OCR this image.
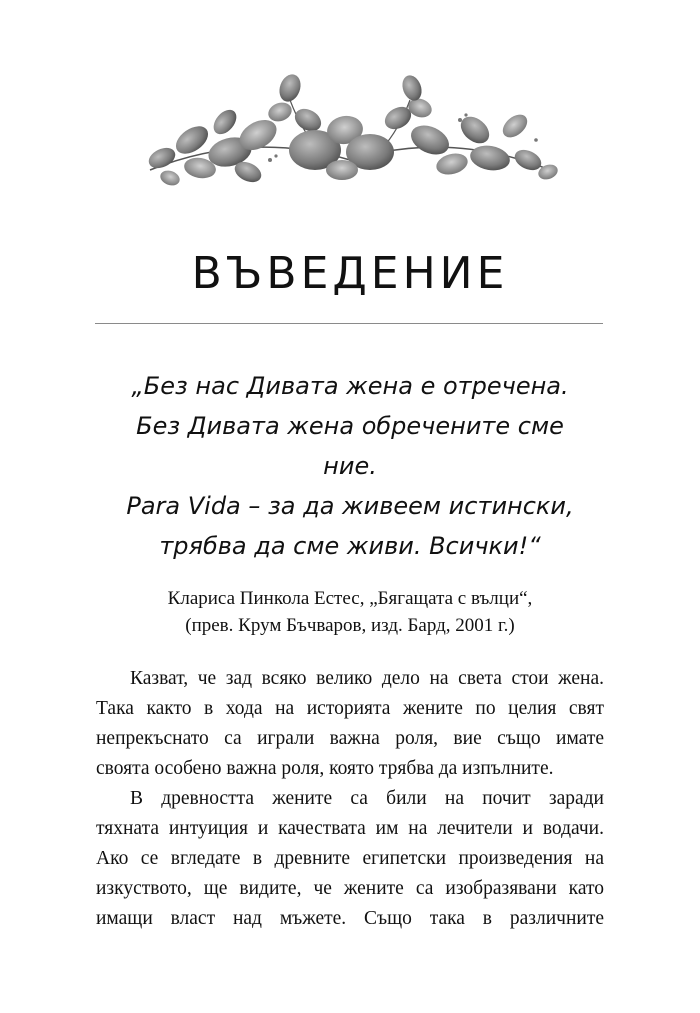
ВЪВЕДЕНИЕ
„Без нас Дивата жена е отречена.
Без Дивата жена обречените сме
ние.
Para Vida – за да живеем истински,
трябва да сме живи. Всички!“
Клариса Пинкола Естес, „Бягащата с вълци“,
(прев. Крум Бъчваров, изд. Бард, 2001 г.)
Казват, че зад всяко велико дело на света стои жена.
Така както в хода на историята жените по целия свят
непрекъснато са играли важна роля, вие също имате
своята особено важна роля, която трябва да изпълните.
В древността жените са били на почит заради
тяхната интуиция и качествата им на лечители и водачи.
Ако се вгледате в древните египетски произведения на
изкуството, ще видите, че жените са изобразявани като
имащи власт над мъжете. Също така в различните
